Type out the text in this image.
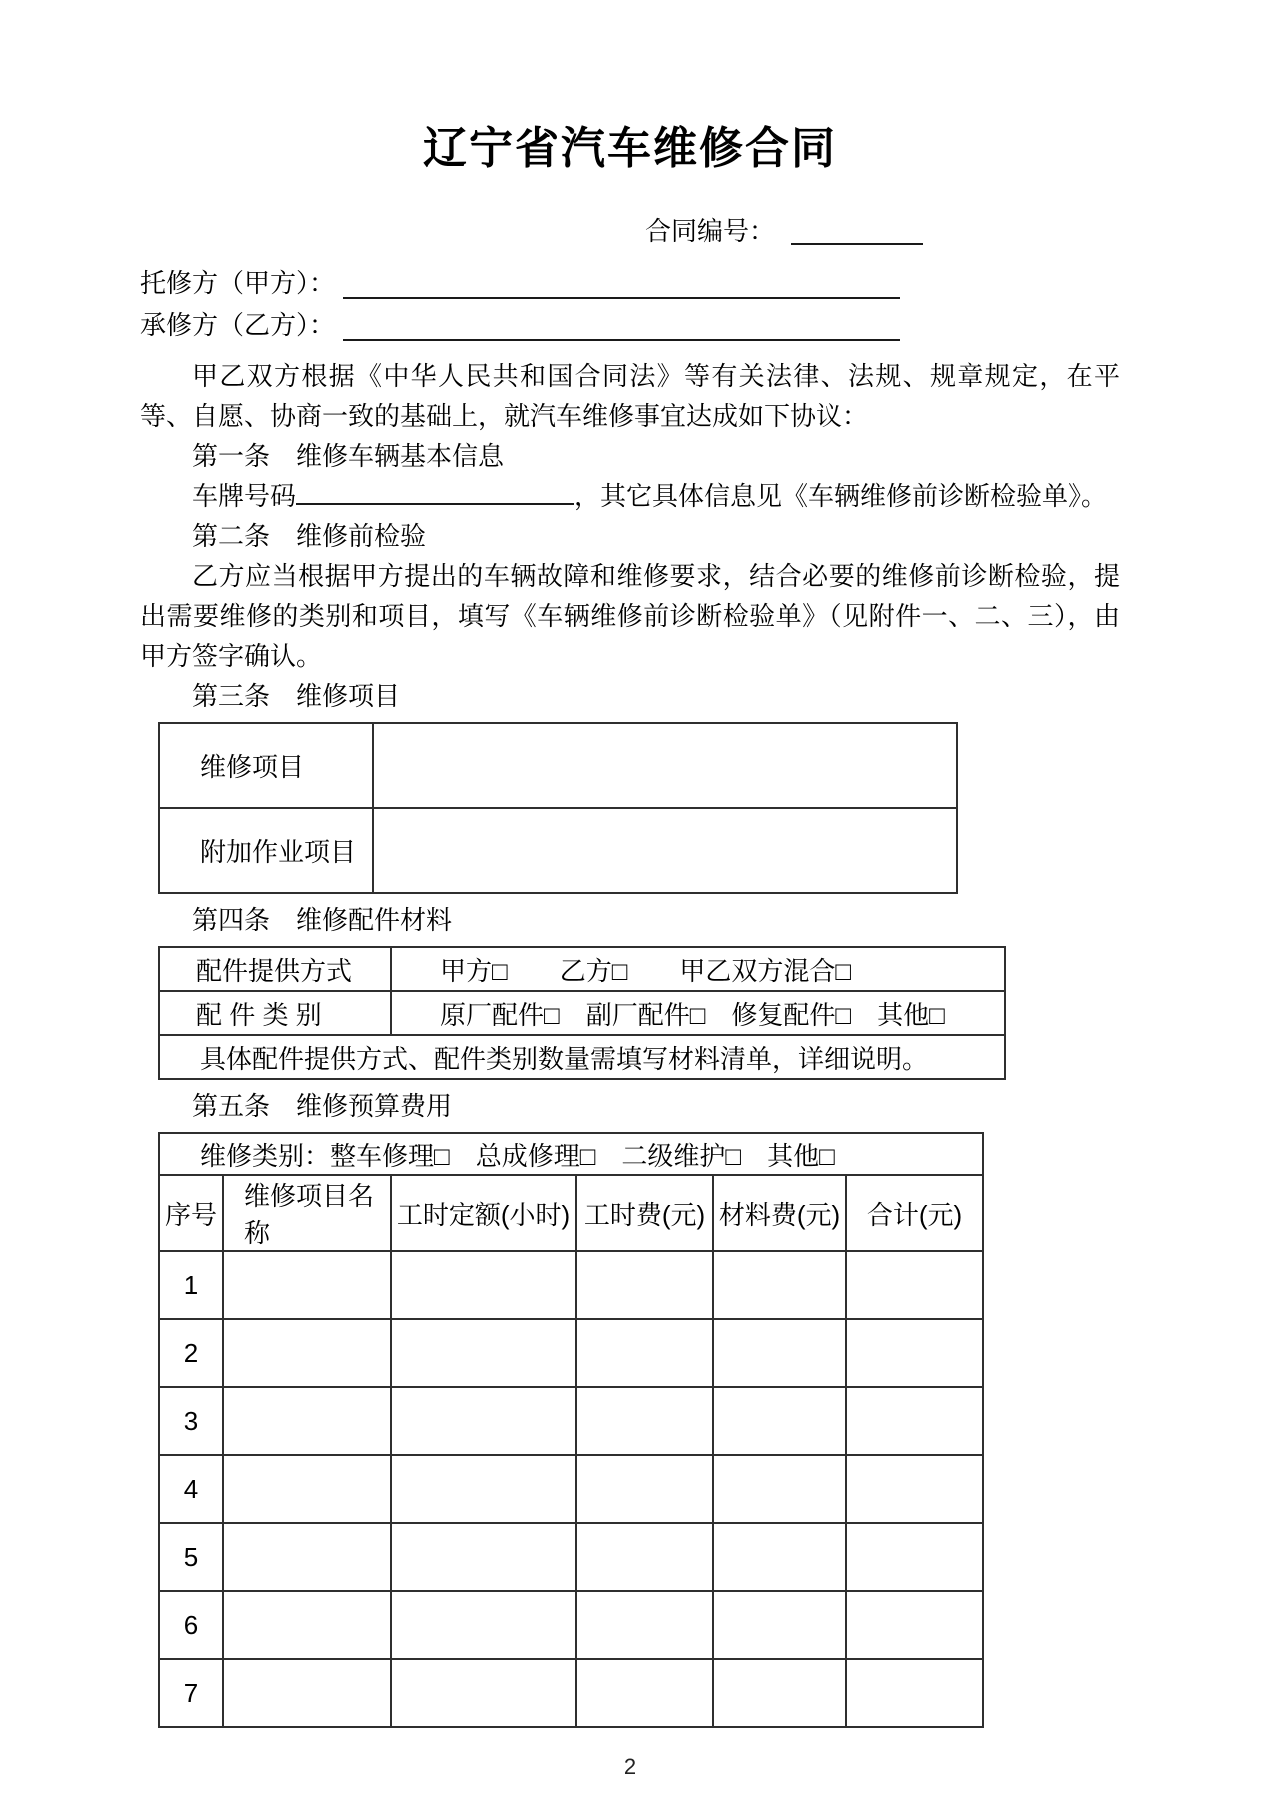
辽宁省汽车维修合同
合同编号：
托修方（甲方）：
承修方（乙方）：

甲乙双方根据《中华人民共和国合同法》等有关法律、法规、规章规定，在平等、自愿、协商一致的基础上，就汽车维修事宜达成如下协议：

第一条　维修车辆基本信息

车牌号码	，其它具体信息见《车辆维修前诊断检验单》。

第二条　维修前检验

乙方应当根据甲方提出的车辆故障和维修要求，结合必要的维修前诊断检验，提出需要维修的类别和项目，填写《车辆维修前诊断检验单》（见附件一、二、三），由甲方签字确认。

第三条　维修项目

维修项目	
附加作业项目	

第四条　维修配件材料

配件提供方式	甲方□　　乙方□　　甲乙双方混合□
配 件 类 别	原厂配件□　副厂配件□　修复配件□　其他□
具体配件提供方式、配件类别数量需填写材料清单，详细说明。	

第五条　维修预算费用

维修类别：整车修理□　总成修理□　二级维护□　其他□					
序号	维修项目名称	工时定额(小时)	工时费(元)	材料费(元)	合计(元)
1					
2					
3					
4					
5					
6					
7					
2
